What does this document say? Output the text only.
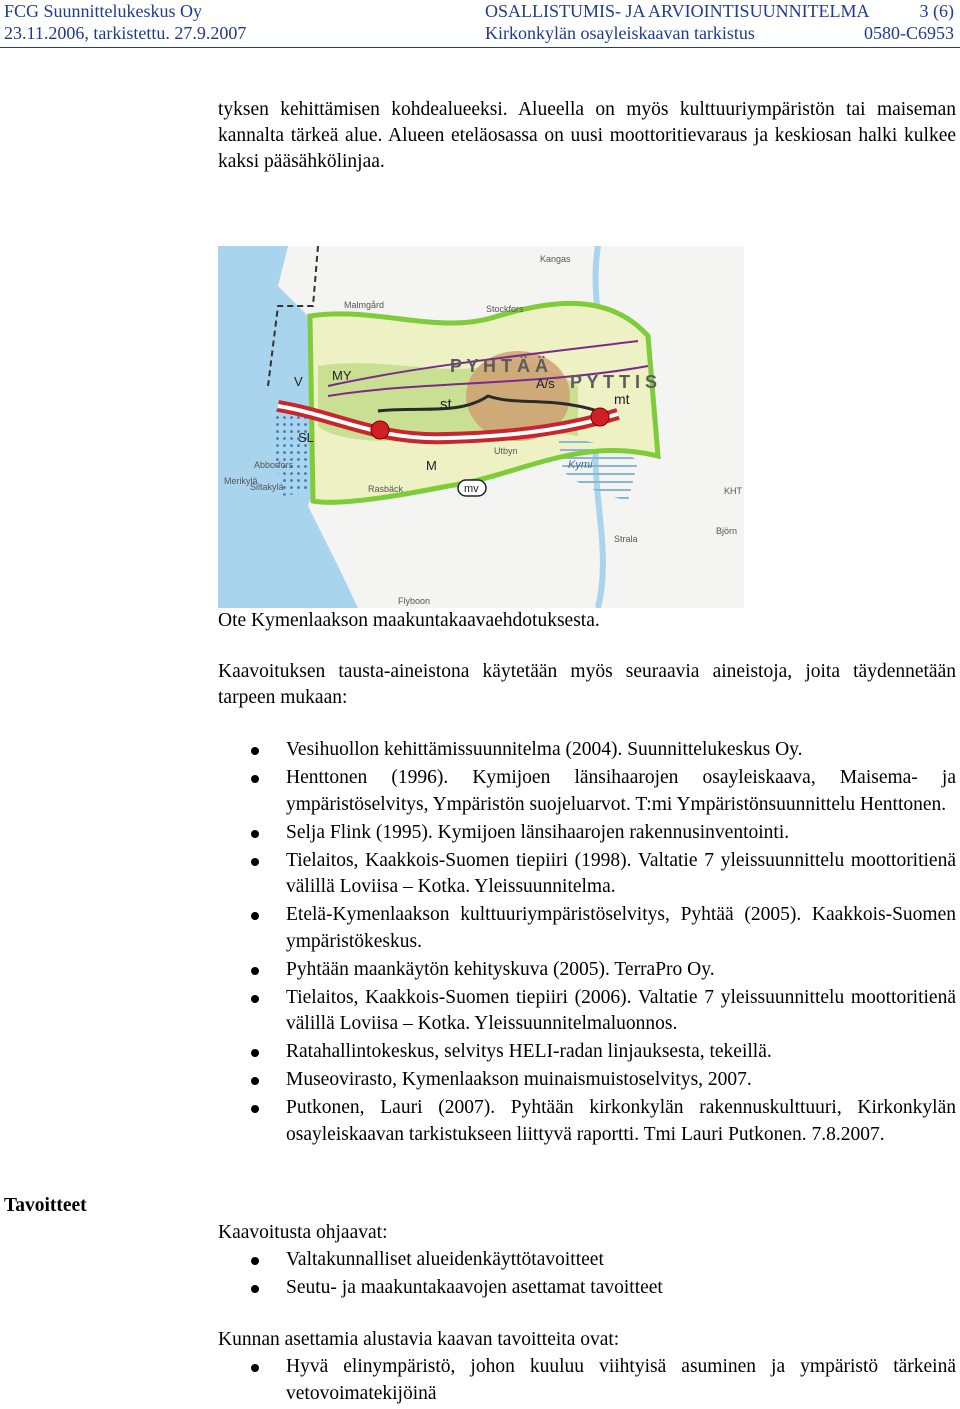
FCG Suunnittelukeskus Oy
23.11.2006, tarkistettu. 27.9.2007
OSALLISTUMIS- JA ARVIOINTISUUNNITELMA
Kirkonkylän osayleiskaavan tarkistus
3 (6)
0580-C6953
tyksen kehittämisen kohdealueeksi. Alueella on myös kulttuuriympäristön tai maiseman kannalta tärkeä alue. Alueen eteläosassa on uusi moottoritievaraus ja keskiosan halki kulkee kaksi pääsähkölinjaa.
P Y H T Ä Ä
P Y T T I S
MY
st
A/s
mt
M
SL
V
mv
Kymi
Kangas
Stockfors
Malmgård
Utbyn
Abborfors
Siltakylä	Rasbäck
Strala
Björn
Merikylä
Flyboon
KHT
Ote Kymenlaakson maakuntakaavaehdotuksesta.
Kaavoituksen tausta-aineistona käytetään myös seuraavia aineistoja, joita täydennetään tarpeen mukaan:
Vesihuollon kehittämissuunnitelma (2004). Suunnittelukeskus Oy.
Henttonen (1996). Kymijoen länsihaarojen osayleiskaava, Maisema- ja ympäristöselvitys, Ympäristön suojeluarvot. T:mi Ympäristönsuunnittelu Henttonen.
Selja Flink (1995). Kymijoen länsihaarojen rakennusinventointi.
Tielaitos, Kaakkois-Suomen tiepiiri (1998). Valtatie 7 yleissuunnittelu moottoritienä välillä Loviisa – Kotka. Yleissuunnitelma.
Etelä-Kymenlaakson kulttuuriympäristöselvitys, Pyhtää (2005). Kaakkois-Suomen ympäristökeskus.
Pyhtään maankäytön kehityskuva (2005). TerraPro Oy.
Tielaitos, Kaakkois-Suomen tiepiiri (2006). Valtatie 7 yleissuunnittelu moottoritienä välillä Loviisa – Kotka. Yleissuunnitelmaluonnos.
Ratahallintokeskus, selvitys HELI-radan linjauksesta, tekeillä.
Museovirasto, Kymenlaakson muinaismuistoselvitys, 2007.
Putkonen, Lauri (2007). Pyhtään kirkonkylän rakennuskulttuuri, Kirkonkylän osayleiskaavan tarkistukseen liittyvä raportti. Tmi Lauri Putkonen. 7.8.2007.
Tavoitteet
Kaavoitusta ohjaavat:
Valtakunnalliset alueidenkäyttötavoitteet
Seutu- ja maakuntakaavojen asettamat tavoitteet
Kunnan asettamia alustavia kaavan tavoitteita ovat:
Hyvä elinympäristö, johon kuuluu viihtyisä asuminen ja ympäristö tärkeinä vetovoimatekijöinä
